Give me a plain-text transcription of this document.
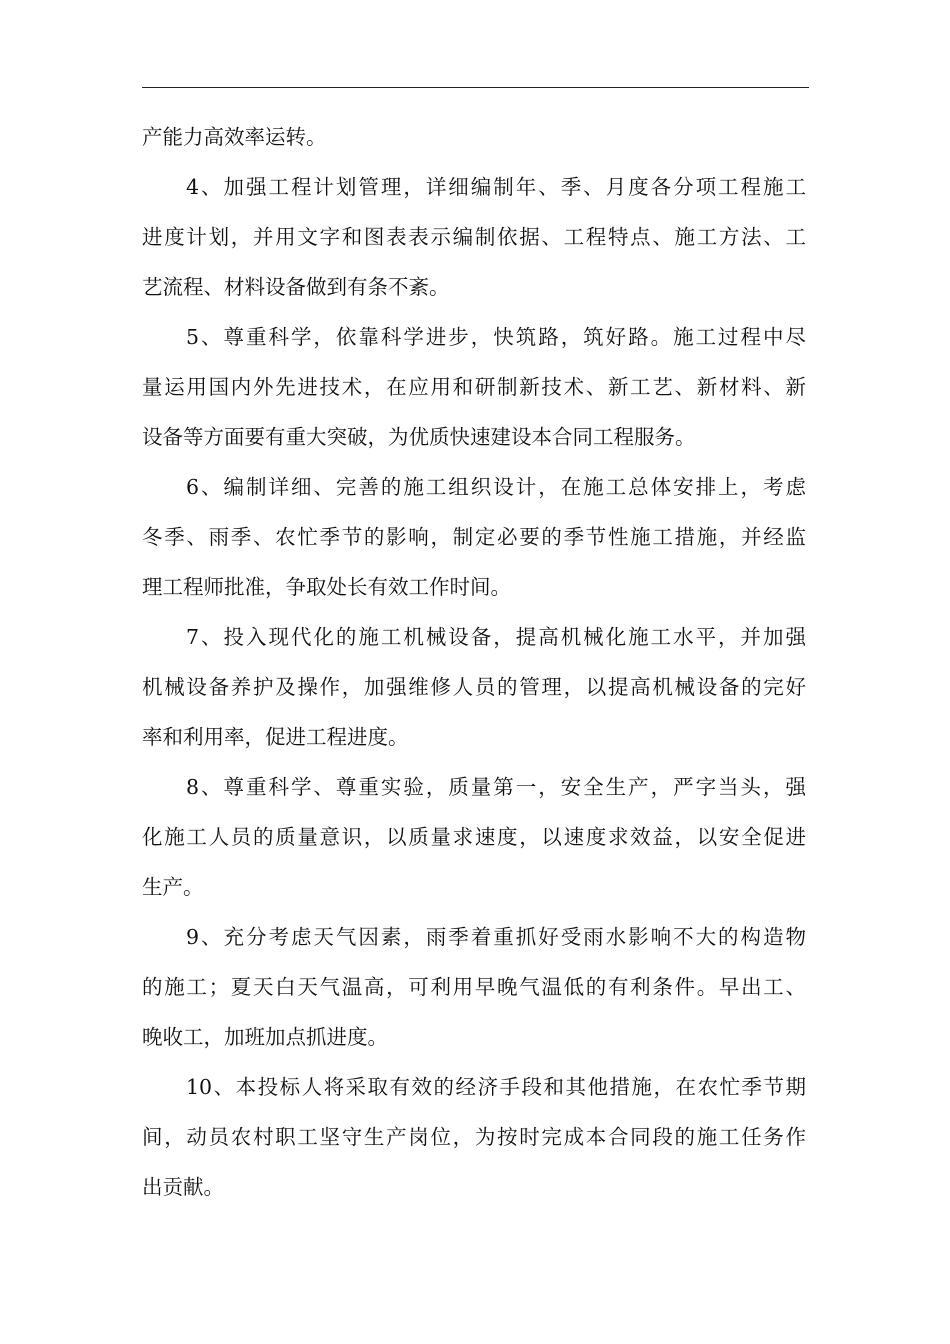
产能力高效率运转。
4、加强工程计划管理，详细编制年、季、月度各分项工程施工
进度计划，并用文字和图表表示编制依据、工程特点、施工方法、工
艺流程、材料设备做到有条不紊。
5、尊重科学，依靠科学进步，快筑路，筑好路。施工过程中尽
量运用国内外先进技术，在应用和研制新技术、新工艺、新材料、新
设备等方面要有重大突破，为优质快速建设本合同工程服务。
6、编制详细、完善的施工组织设计，在施工总体安排上，考虑
冬季、雨季、农忙季节的影响，制定必要的季节性施工措施，并经监
理工程师批准，争取处长有效工作时间。
7、投入现代化的施工机械设备，提高机械化施工水平，并加强
机械设备养护及操作，加强维修人员的管理，以提高机械设备的完好
率和利用率，促进工程进度。
8、尊重科学、尊重实验，质量第一，安全生产，严字当头，强
化施工人员的质量意识，以质量求速度，以速度求效益，以安全促进
生产。
9、充分考虑天气因素，雨季着重抓好受雨水影响不大的构造物
的施工；夏天白天气温高，可利用早晚气温低的有利条件。早出工、
晚收工，加班加点抓进度。
10、本投标人将采取有效的经济手段和其他措施，在农忙季节期
间，动员农村职工坚守生产岗位，为按时完成本合同段的施工任务作
出贡献。
